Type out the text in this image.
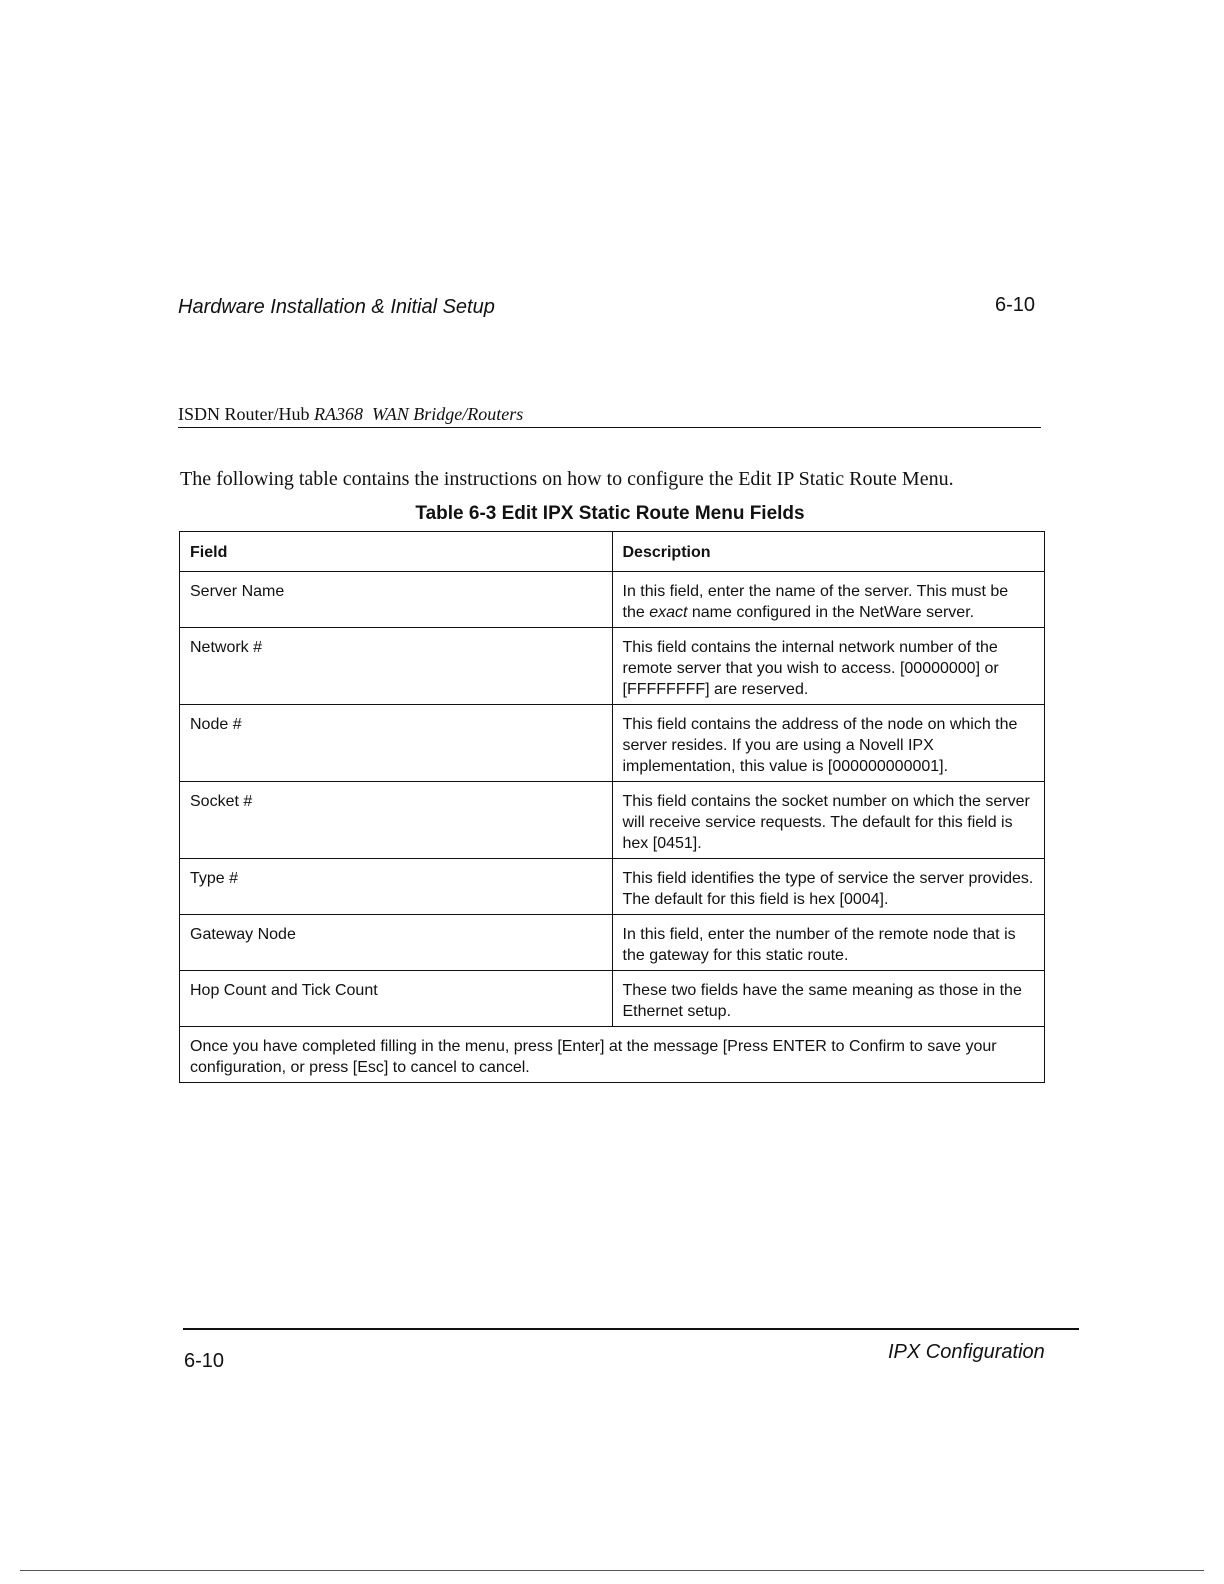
Hardware Installation & Initial Setup	6-10
ISDN Router/Hub RA368 WAN Bridge/Routers
The following table contains the instructions on how to configure the Edit IP Static Route Menu.
Table 6-3 Edit IPX Static Route Menu Fields
Field	Description
Server Name	In this field, enter the name of the server. This must be the exact name configured in the NetWare server.
Network #	This field contains the internal network number of the remote server that you wish to access. [00000000] or [FFFFFFFF] are reserved.
Node #	This field contains the address of the node on which the server resides. If you are using a Novell IPX implementation, this value is [000000000001].
Socket #	This field contains the socket number on which the server will receive service requests. The default for this field is hex [0451].
Type #	This field identifies the type of service the server provides. The default for this field is hex [0004].
Gateway Node	In this field, enter the number of the remote node that is the gateway for this static route.
Hop Count and Tick Count	These two fields have the same meaning as those in the Ethernet setup.
Once you have completed filling in the menu, press [Enter] at the message [Press ENTER to Confirm to save your configuration, or press [Esc] to cancel to cancel.	
6-10	IPX Configuration
